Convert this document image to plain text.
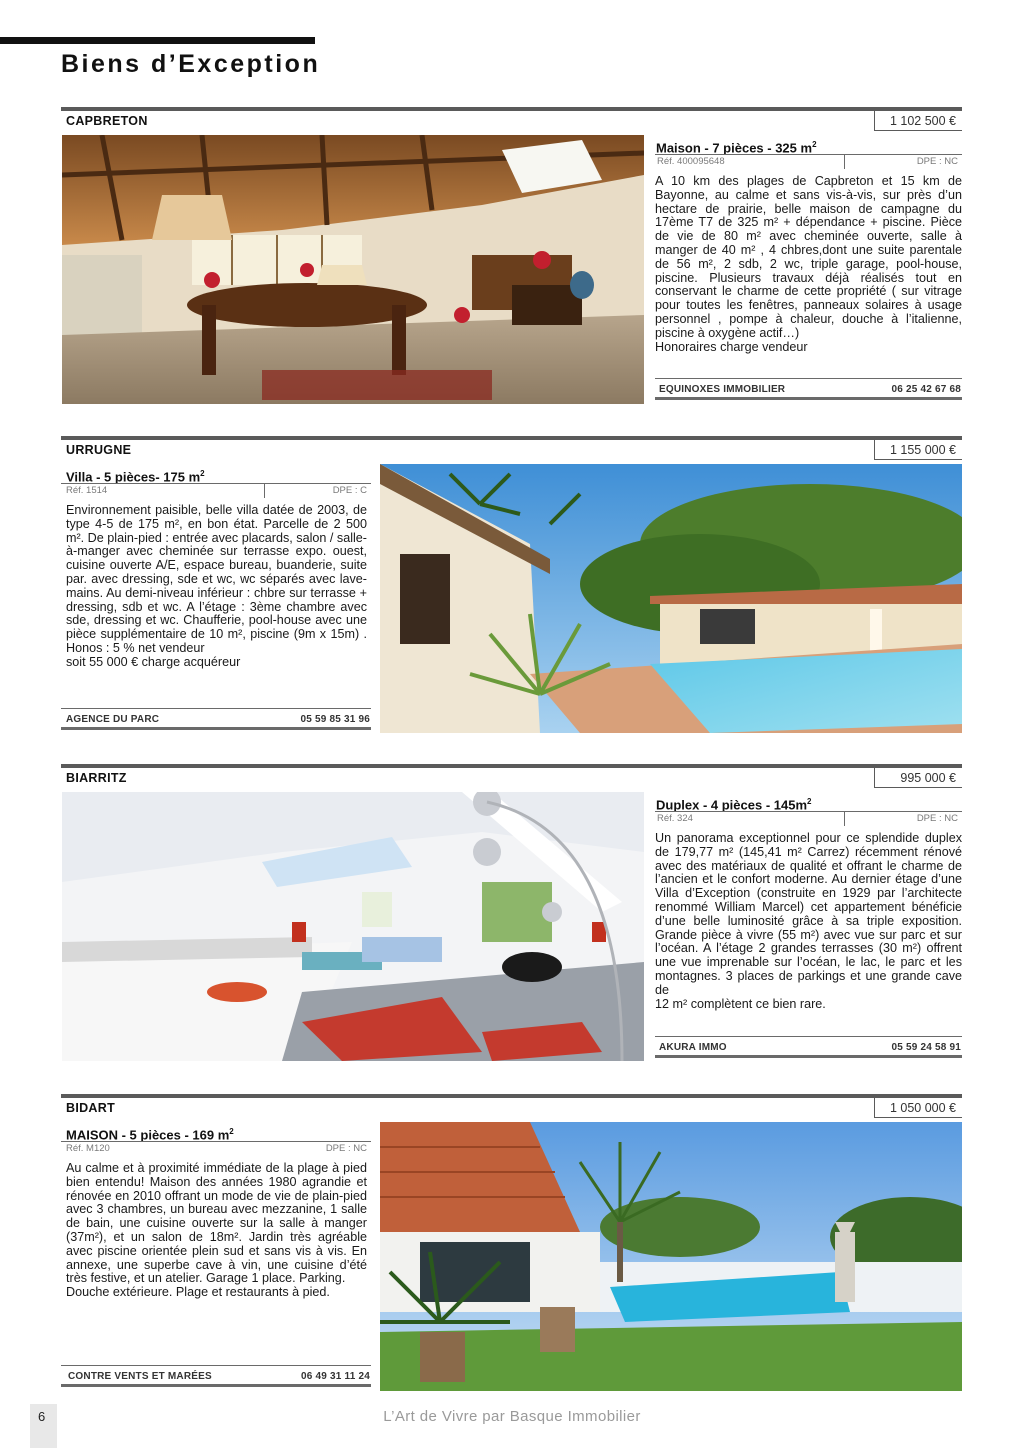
Biens d’Exception
CAPBRETON	1 102 500 €
Maison - 7 pièces - 325 $m^2$
Réf. 400095648	DPE : NC
A 10 km des plages de Capbreton et 15 km de Bayonne, au calme et sans vis-à-vis, sur près d’un hectare de prairie, belle maison de campagne du 17ème T7 de 325 m² + dépendance + piscine. Pièce de vie de 80 m² avec cheminée ouverte, salle à manger de 40 m² , 4 chbres,dont une suite parentale de 56 m², 2 sdb, 2 wc, triple garage, pool-house, piscine. Plusieurs travaux déjà réalisés tout en conservant le charme de cette propriété ( sur vitrage pour toutes les fenêtres, panneaux solaires à usage personnel , pompe à chaleur, douche à l’italienne, piscine à oxygène actif…)
Honoraires charge vendeur
EQUINOXES IMMOBILIER	06 25 42 67 68
URRUGNE	1 155 000 €
Villa - 5 pièces- 175 $m^2$
Réf. 1514	DPE : C
Environnement paisible, belle villa datée de 2003, de type 4-5 de 175 m², en bon état. Parcelle de 2 500 m². De plain-pied : entrée avec placards, salon / salle-à-manger avec cheminée sur terrasse expo. ouest, cuisine ouverte A/E, espace bureau, buanderie, suite par. avec dressing, sde et wc, wc séparés avec lave-mains. Au demi-niveau inférieur : chbre sur terrasse + dressing, sdb et wc. A l’étage : 3ème chambre avec sde, dressing et wc. Chaufferie, pool-house avec une pièce supplémentaire de 10 m², piscine (9m x 15m) . Honos : 5 % net vendeur
soit 55 000 € charge acquéreur
AGENCE DU PARC	05 59 85 31 96
BIARRITZ	995 000 €
Duplex - 4 pièces - $145m^2$
Réf. 324	DPE : NC
Un panorama exceptionnel pour ce splendide duplex de 179,77 m² (145,41 m² Carrez) récemment rénové avec des matériaux de qualité et offrant le charme de l’ancien et le confort moderne. Au dernier étage d’une Villa d’Exception (construite en 1929 par l’architecte renommé William Marcel) cet appartement bénéficie d’une belle luminosité grâce à sa triple exposition. Grande pièce à vivre (55 m²) avec vue sur parc et sur l’océan. A l’étage 2 grandes terrasses (30 m²) offrent une vue imprenable sur l’océan, le lac, le parc et les montagnes. 3 places de parkings et une grande cave de
12 m² complètent ce bien rare.
AKURA IMMO	05 59 24 58 91
BIDART	1 050 000 €
MAISON - 5 pièces - 169 $m^2$
Réf. M120	DPE : NC
Au calme et à proximité immédiate de la plage à pied bien entendu! Maison des années 1980 agrandie et rénovée en 2010 offrant un mode de vie de plain-pied avec 3 chambres, un bureau avec mezzanine, 1 salle de bain, une cuisine ouverte sur la salle à manger (37m²), et un salon de 18m². Jardin très agréable avec piscine orientée plein sud et sans vis à vis. En annexe, une superbe cave à vin, une cuisine d’été très festive, et un atelier. Garage 1 place. Parking.
Douche extérieure. Plage et restaurants à pied.
CONTRE VENTS ET MARÉES	06 49 31 11 24
6	L’Art de Vivre par Basque Immobilier
